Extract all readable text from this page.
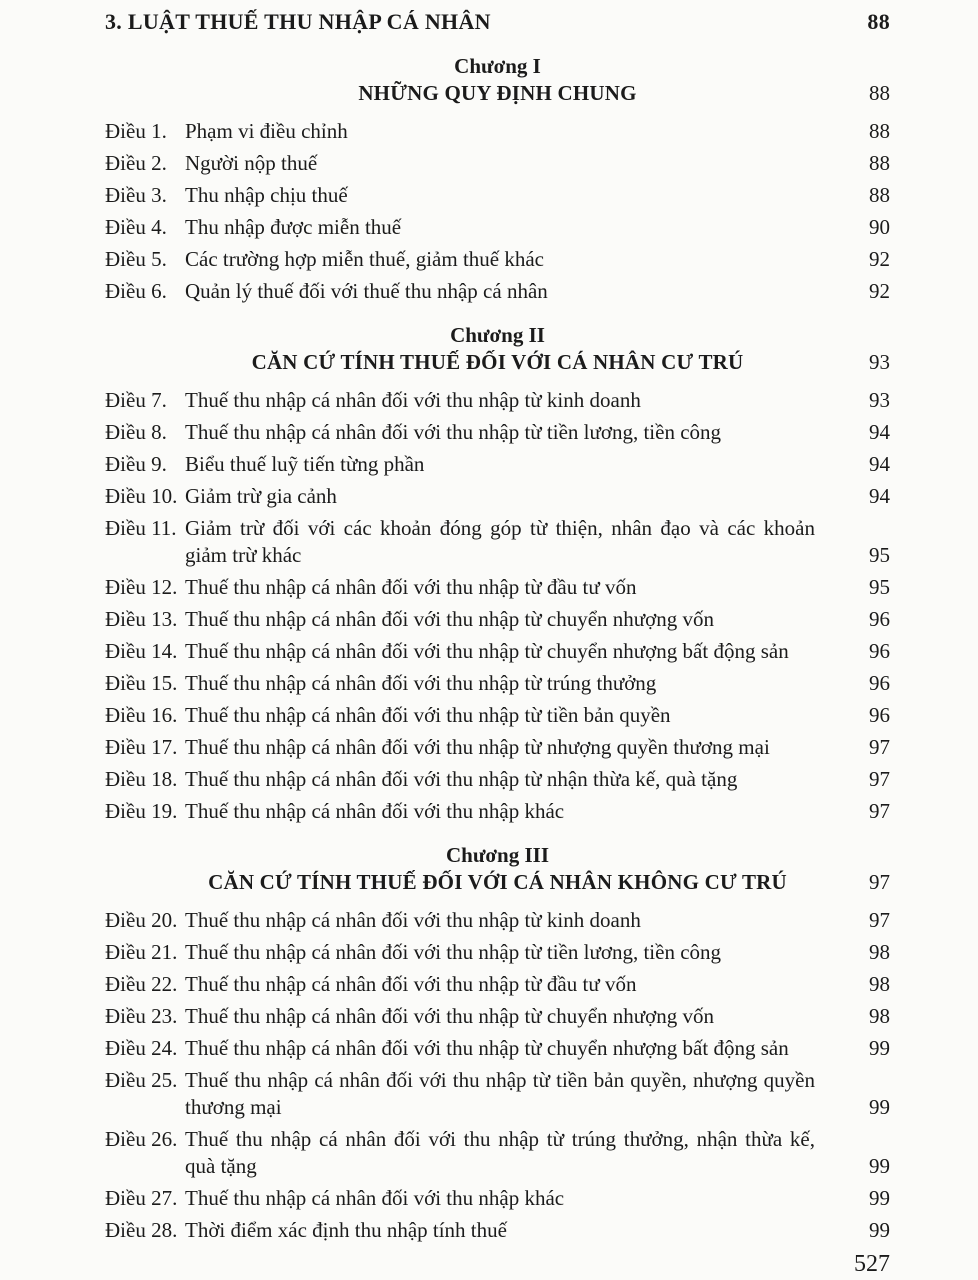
3. LUẬT THUẾ THU NHẬP CÁ NHÂN	88
Chương I
NHỮNG QUY ĐỊNH CHUNG	88
Điều 1. Phạm vi điều chỉnh	88
Điều 2. Người nộp thuế	88
Điều 3. Thu nhập chịu thuế	88
Điều 4. Thu nhập được miễn thuế	90
Điều 5. Các trường hợp miễn thuế, giảm thuế khác	92
Điều 6. Quản lý thuế đối với thuế thu nhập cá nhân	92
Chương II
CĂN CỨ TÍNH THUẾ ĐỐI VỚI CÁ NHÂN CƯ TRÚ	93
Điều 7. Thuế thu nhập cá nhân đối với thu nhập từ kinh doanh	93
Điều 8. Thuế thu nhập cá nhân đối với thu nhập từ tiền lương, tiền công	94
Điều 9. Biểu thuế luỹ tiến từng phần	94
Điều 10. Giảm trừ gia cảnh	94
Điều 11. Giảm trừ đối với các khoản đóng góp từ thiện, nhân đạo và các khoản giảm trừ khác	95
Điều 12. Thuế thu nhập cá nhân đối với thu nhập từ đầu tư vốn	95
Điều 13. Thuế thu nhập cá nhân đối với thu nhập từ chuyển nhượng vốn	96
Điều 14. Thuế thu nhập cá nhân đối với thu nhập từ chuyển nhượng bất động sản	96
Điều 15. Thuế thu nhập cá nhân đối với thu nhập từ trúng thưởng	96
Điều 16. Thuế thu nhập cá nhân đối với thu nhập từ tiền bản quyền	96
Điều 17. Thuế thu nhập cá nhân đối với thu nhập từ nhượng quyền thương mại	97
Điều 18. Thuế thu nhập cá nhân đối với thu nhập từ nhận thừa kế, quà tặng	97
Điều 19. Thuế thu nhập cá nhân đối với thu nhập khác	97
Chương III
CĂN CỨ TÍNH THUẾ ĐỐI VỚI CÁ NHÂN KHÔNG CƯ TRÚ	97
Điều 20. Thuế thu nhập cá nhân đối với thu nhập từ kinh doanh	97
Điều 21. Thuế thu nhập cá nhân đối với thu nhập từ tiền lương, tiền công	98
Điều 22. Thuế thu nhập cá nhân đối với thu nhập từ đầu tư vốn	98
Điều 23. Thuế thu nhập cá nhân đối với thu nhập từ chuyển nhượng vốn	98
Điều 24. Thuế thu nhập cá nhân đối với thu nhập từ chuyển nhượng bất động sản	99
Điều 25. Thuế thu nhập cá nhân đối với thu nhập từ tiền bản quyền, nhượng quyền thương mại	99
Điều 26. Thuế thu nhập cá nhân đối với thu nhập từ trúng thưởng, nhận thừa kế, quà tặng	99
Điều 27. Thuế thu nhập cá nhân đối với thu nhập khác	99
Điều 28. Thời điểm xác định thu nhập tính thuế	99
527
